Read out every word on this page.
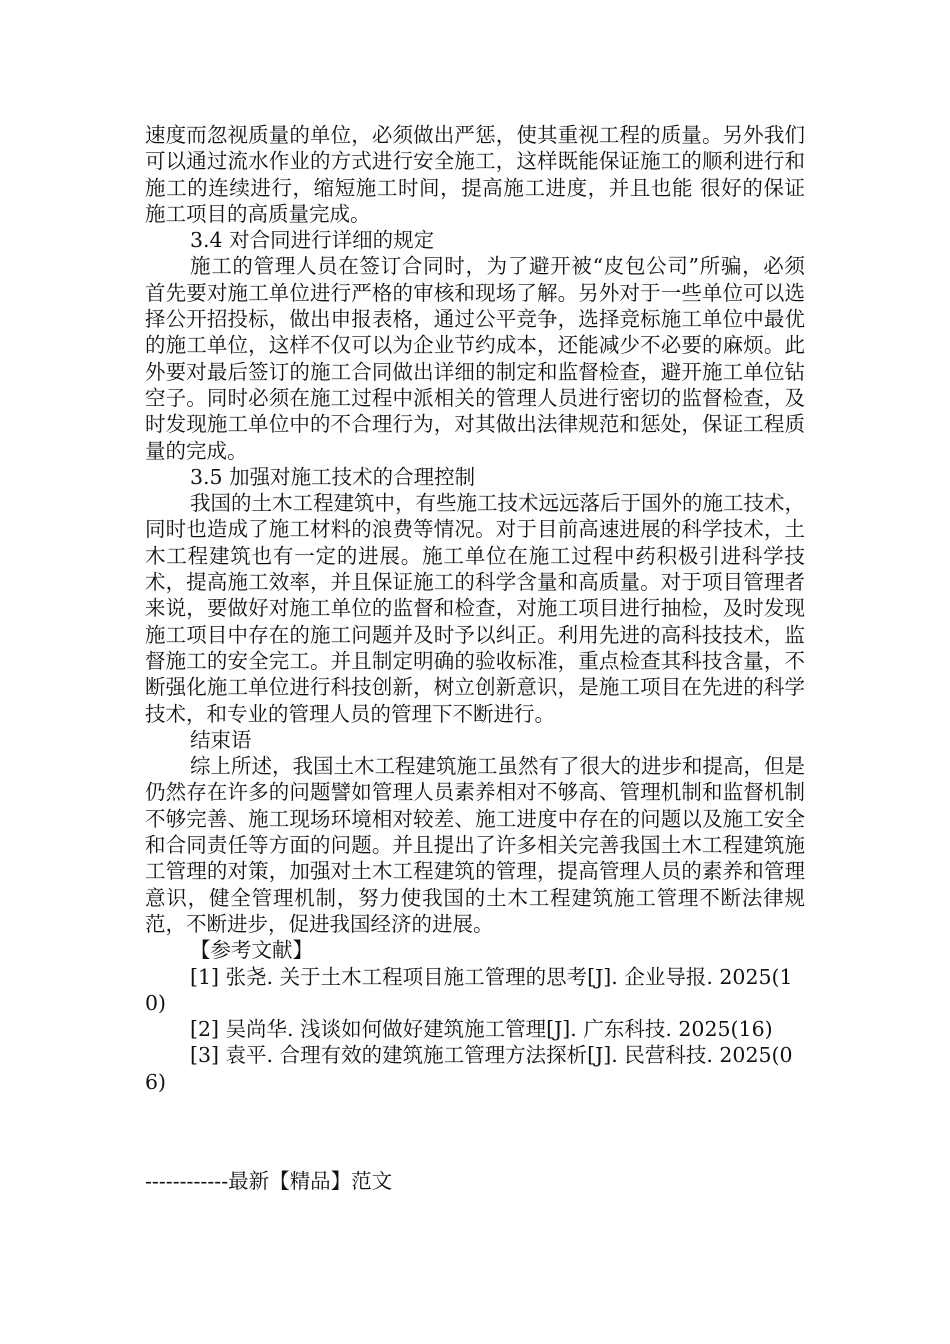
速度而忽视质量的单位，必须做出严惩，使其重视工程的质量。另外我们可以通过流水作业的方式进行安全施工，这样既能保证施工的顺利进行和施工的连续进行，缩短施工时间，提高施工进度，并且也能 很好的保证施工项目的高质量完成。

3.4 对合同进行详细的规定

施工的管理人员在签订合同时，为了避开被“皮包公司”所骗，必须首先要对施工单位进行严格的审核和现场了解。另外对于一些单位可以选择公开招投标，做出申报表格，通过公平竞争，选择竞标施工单位中最优的施工单位，这样不仅可以为企业节约成本，还能减少不必要的麻烦。此外要对最后签订的施工合同做出详细的制定和监督检查，避开施工单位钻空子。同时必须在施工过程中派相关的管理人员进行密切的监督检查，及时发现施工单位中的不合理行为，对其做出法律规范和惩处，保证工程质量的完成。

3.5 加强对施工技术的合理控制

我国的土木工程建筑中，有些施工技术远远落后于国外的施工技术，同时也造成了施工材料的浪费等情况。对于目前高速进展的科学技术，土木工程建筑也有一定的进展。施工单位在施工过程中药积极引进科学技术，提高施工效率，并且保证施工的科学含量和高质量。对于项目管理者来说，要做好对施工单位的监督和检查，对施工项目进行抽检，及时发现施工项目中存在的施工问题并及时予以纠正。利用先进的高科技技术，监督施工的安全完工。并且制定明确的验收标准，重点检查其科技含量，不断强化施工单位进行科技创新，树立创新意识，是施工项目在先进的科学技术，和专业的管理人员的管理下不断进行。

结束语

综上所述，我国土木工程建筑施工虽然有了很大的进步和提高，但是仍然存在许多的问题譬如管理人员素养相对不够高、管理机制和监督机制不够完善、施工现场环境相对较差、施工进度中存在的问题以及施工安全和合同责任等方面的问题。并且提出了许多相关完善我国土木工程建筑施工管理的对策，加强对土木工程建筑的管理，提高管理人员的素养和管理意识，健全管理机制，努力使我国的土木工程建筑施工管理不断法律规范，不断进步，促进我国经济的进展。

【参考文献】

[1] 张尧. 关于土木工程项目施工管理的思考[J]. 企业导报. 2025(10)

[2] 吴尚华. 浅谈如何做好建筑施工管理[J]. 广东科技. 2025(16)

[3] 袁平. 合理有效的建筑施工管理方法探析[J]. 民营科技. 2025(06)

------------最新【精品】范文
